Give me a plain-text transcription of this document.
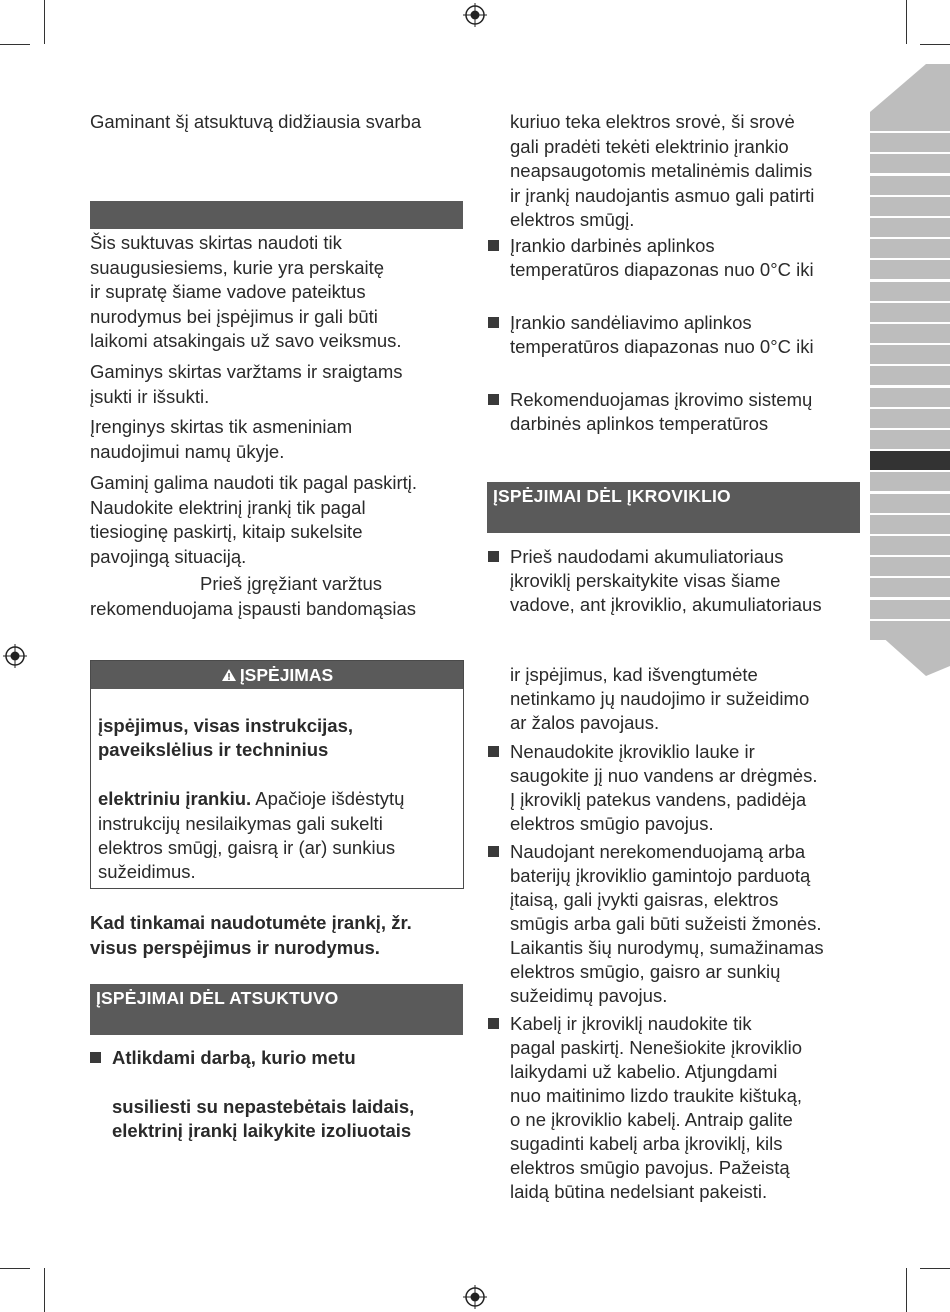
Gaminant šį atsuktuvą didžiausia svarba

Šis suktuvas skirtas naudoti tik

suaugusiesiems, kurie yra perskaitę

ir supratę šiame vadove pateiktus

nurodymus bei įspėjimus ir gali būti

laikomi atsakingais už savo veiksmus.

Gaminys skirtas varžtams ir sraigtams

įsukti ir išsukti.

Įrenginys skirtas tik asmeniniam

naudojimui namų ūkyje.

Gaminį galima naudoti tik pagal paskirtį.

Naudokite elektrinį įrankį tik pagal

tiesioginę paskirtį, kitaip sukelsite

pavojingą situaciją.

Prieš įgręžiant varžtus

rekomenduojama įspausti bandomąsias

ĮSPĖJIMAS

įspėjimus, visas instrukcijas,

paveikslėlius ir techninius

elektriniu įrankiu. Apačioje išdėstytų

instrukcijų nesilaikymas gali sukelti

elektros smūgį, gaisrą ir (ar) sunkius

sužeidimus.

Kad tinkamai naudotumėte įrankį, žr.

visus perspėjimus ir nurodymus.

ĮSPĖJIMAI DĖL ATSUKTUVO

Atlikdami darbą, kurio metu

susiliesti su nepastebėtais laidais,

elektrinį įrankį laikykite izoliuotais

kuriuo teka elektros srovė, ši srovė

gali pradėti tekėti elektrinio įrankio

neapsaugotomis metalinėmis dalimis

ir įrankį naudojantis asmuo gali patirti

elektros smūgį.

Įrankio darbinės aplinkos
temperatūros diapazonas nuo 0°C iki
Įrankio sandėliavimo aplinkos
temperatūros diapazonas nuo 0°C iki
Rekomenduojamas įkrovimo sistemų
darbinės aplinkos temperatūros
ĮSPĖJIMAI DĖL ĮKROVIKLIO
Prieš naudodami akumuliatoriaus
įkroviklį perskaitykite visas šiame
vadove, ant įkroviklio, akumuliatoriaus
ir įspėjimus, kad išvengtumėte
netinkamo jų naudojimo ir sužeidimo
ar žalos pavojaus.
Nenaudokite įkroviklio lauke ir
saugokite jį nuo vandens ar drėgmės.
Į įkroviklį patekus vandens, padidėja
elektros smūgio pavojus.
Naudojant nerekomenduojamą arba
baterijų įkroviklio gamintojo parduotą
įtaisą, gali įvykti gaisras, elektros
smūgis arba gali būti sužeisti žmonės.
Laikantis šių nurodymų, sumažinamas
elektros smūgio, gaisro ar sunkių
sužeidimų pavojus.
Kabelį ir įkroviklį naudokite tik
pagal paskirtį. Nenešiokite įkroviklio
laikydami už kabelio. Atjungdami
nuo maitinimo lizdo traukite kištuką,
o ne įkroviklio kabelį. Antraip galite
sugadinti kabelį arba įkroviklį, kils
elektros smūgio pavojus. Pažeistą
laidą būtina nedelsiant pakeisti.
